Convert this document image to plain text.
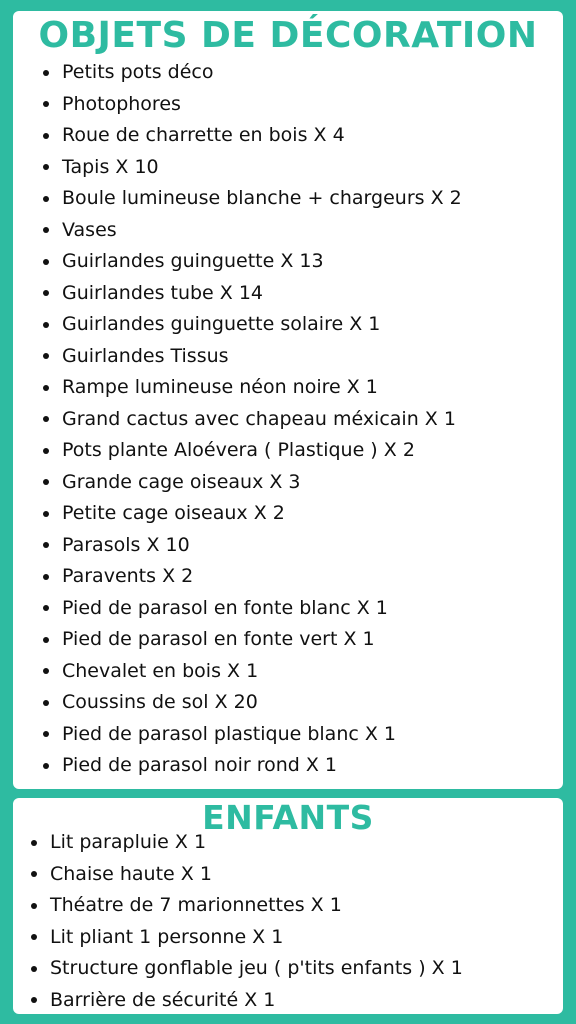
OBJETS DE DÉCORATION
Petits pots déco
Photophores
Roue de charrette en bois X 4
Tapis X 10
Boule lumineuse blanche + chargeurs X 2
Vases
Guirlandes guinguette X 13
Guirlandes tube X 14
Guirlandes guinguette solaire X 1
Guirlandes Tissus
Rampe lumineuse néon noire X 1
Grand cactus avec chapeau méxicain X 1
Pots plante Aloévera ( Plastique ) X 2
Grande cage oiseaux X 3
Petite cage oiseaux X 2
Parasols X 10
Paravents X 2
Pied de parasol en fonte blanc X 1
Pied de parasol en fonte vert X 1
Chevalet en bois X 1
Coussins de sol X 20
Pied de parasol plastique blanc X 1
Pied de parasol noir rond X 1
ENFANTS
Lit parapluie X 1
Chaise haute X 1
Théatre de 7 marionnettes X 1
Lit pliant 1 personne X 1
Structure gonflable jeu ( p'tits enfants ) X 1
Barrière de sécurité X 1
